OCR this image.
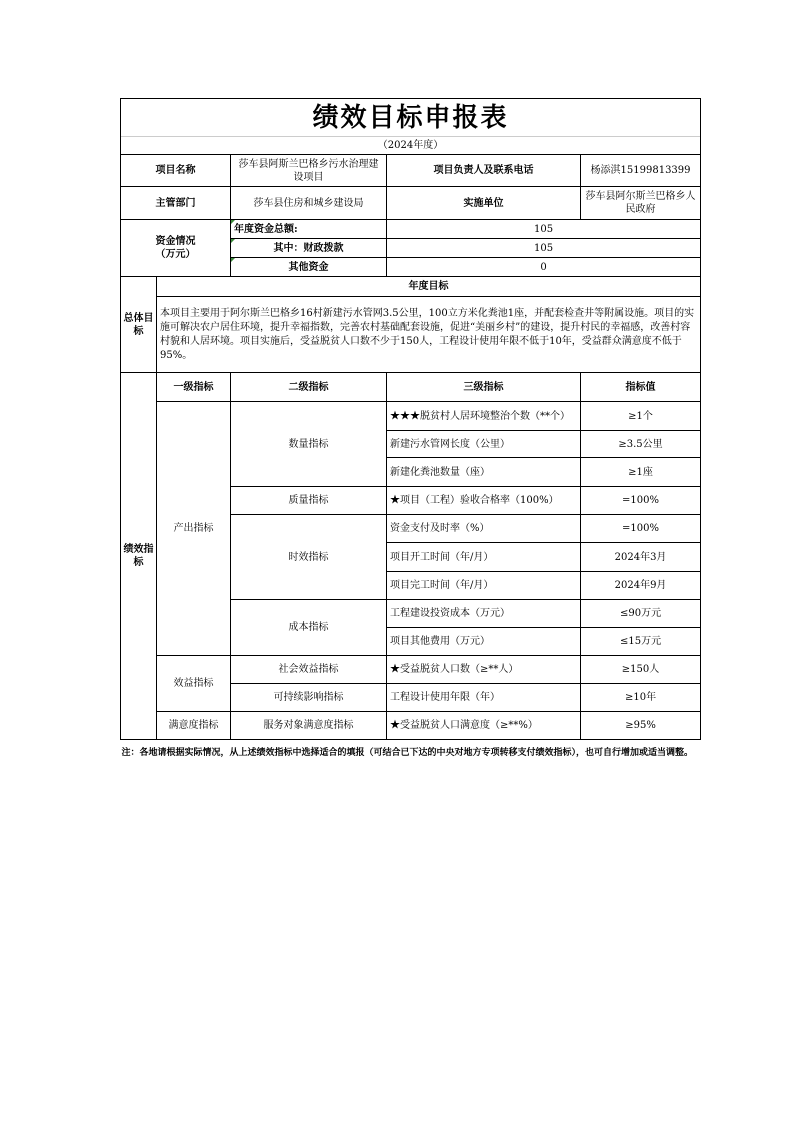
绩效目标申报表				
（2024年度）				
项目名称		莎车县阿斯兰巴格乡污水治理建设项目	项目负责人及联系电话	杨添淇15199813399
主管部门		莎车县住房和城乡建设局	实施单位	莎车县阿尔斯兰巴格乡人民政府
资金情况
（万元）		年度资金总额:	105	
		其中：财政拨款	105	
		其他资金	0	
总体目标	年度目标			
	本项目主要用于阿尔斯兰巴格乡16村新建污水管网3.5公里，100立方米化粪池1座，并配套检查井等附属设施。项目的实施可解决农户居住环境，提升幸福指数，完善农村基础配套设施，促进“美丽乡村”的建设，提升村民的幸福感，改善村容村貌和人居环境。项目实施后，受益脱贫人口数不少于150人，工程设计使用年限不低于10年，受益群众满意度不低于95%。			
绩效指标	一级指标	二级指标	三级指标	指标值
	产出指标	数量指标	★★★脱贫村人居环境整治个数（**个）	≥1个
			新建污水管网长度（公里）	≥3.5公里
			新建化粪池数量（座）	≥1座
		质量指标	★项目（工程）验收合格率（100%）	=100%
		时效指标	资金支付及时率（%）	=100%
			项目开工时间（年/月）	2024年3月
			项目完工时间（年/月）	2024年9月
		成本指标	工程建设投资成本（万元）	≤90万元
			项目其他费用（万元）	≤15万元
	效益指标	社会效益指标	★受益脱贫人口数（≥**人）	≥150人
		可持续影响指标	工程设计使用年限（年）	≥10年
	满意度指标	服务对象满意度指标	★受益脱贫人口满意度（≥**%）	≥95%
注：各地请根据实际情况，从上述绩效指标中选择适合的填报（可结合已下达的中央对地方专项转移支付绩效指标），也可自行增加或适当调整。				
